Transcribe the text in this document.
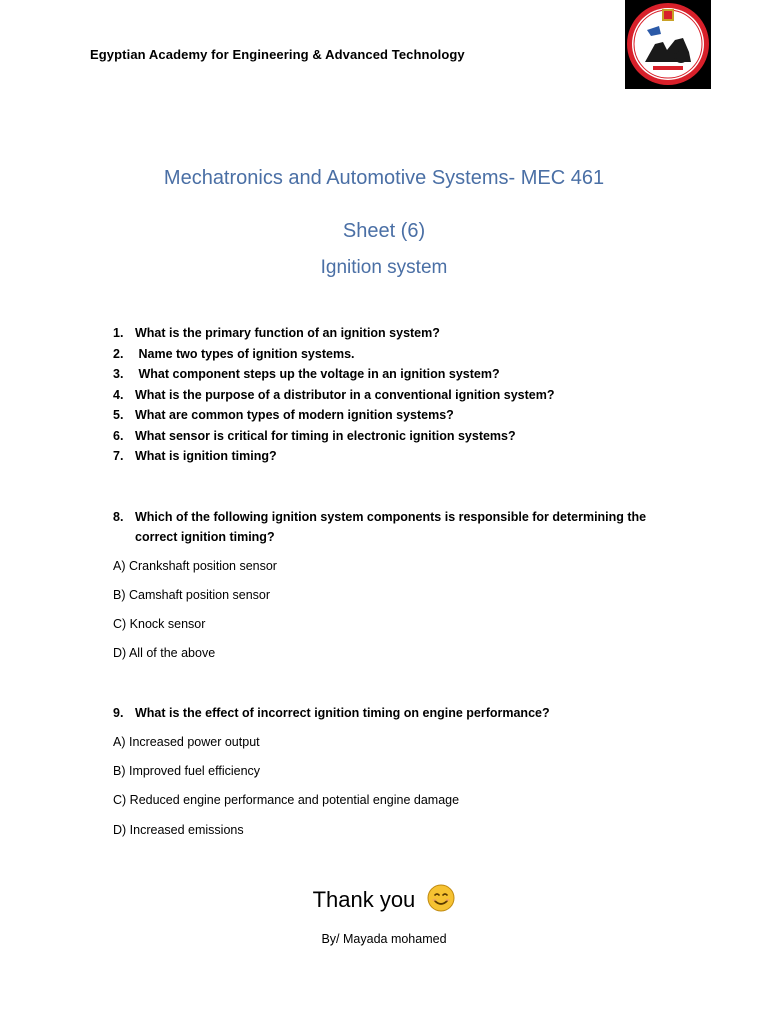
Egyptian Academy for Engineering & Advanced Technology
Mechatronics and Automotive Systems- MEC 461
Sheet (6)
Ignition system
1. What is the primary function of an ignition system?
2. Name two types of ignition systems.
3. What component steps up the voltage in an ignition system?
4. What is the purpose of a distributor in a conventional ignition system?
5. What are common types of modern ignition systems?
6. What sensor is critical for timing in electronic ignition systems?
7. What is ignition timing?
8. Which of the following ignition system components is responsible for determining the correct ignition timing?
A) Crankshaft position sensor
B) Camshaft position sensor
C) Knock sensor
D) All of the above
9. What is the effect of incorrect ignition timing on engine performance?
A) Increased power output
B) Improved fuel efficiency
C) Reduced engine performance and potential engine damage
D) Increased emissions
Thank you
By/ Mayada mohamed
